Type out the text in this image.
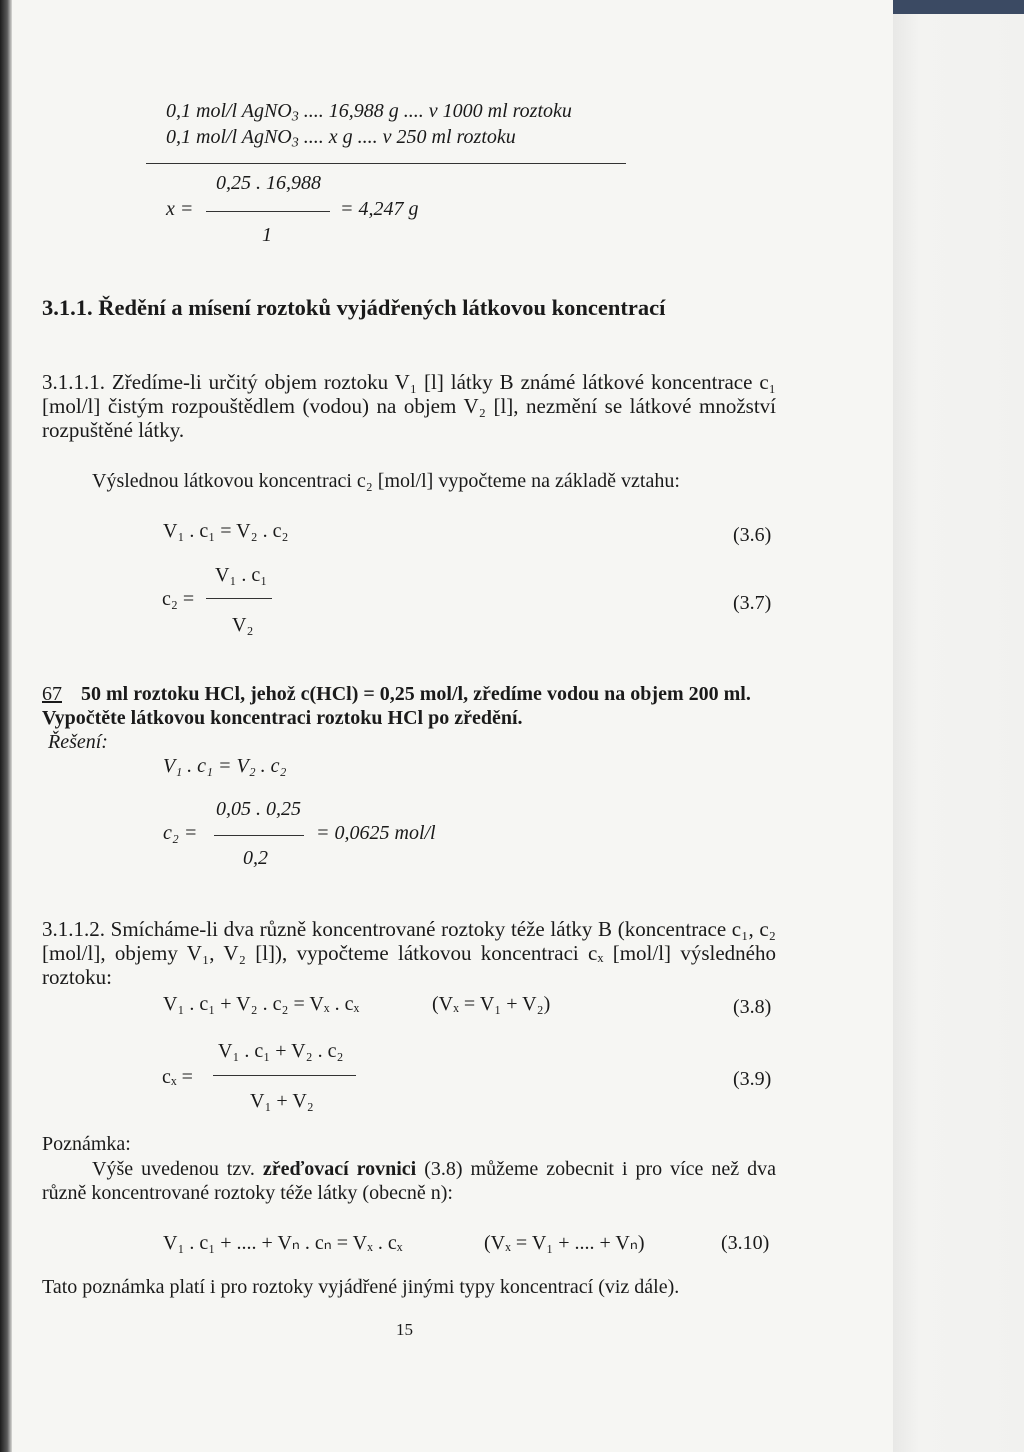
0,1 mol/l AgNO$_3$ .... 16,988 g .... v 1000 ml roztoku
0,1 mol/l AgNO$_3$ .... x g .... v 250 ml roztoku
0,25 . 16,988
x =	= 4,247 g
1
3.1.1. Ředění a mísení roztoků vyjádřených látkovou koncentrací
3.1.1.1. Zředíme-li určitý objem roztoku V₁ [l] látky B známé látkové koncentrace c₁ [mol/l] čistým rozpouštědlem (vodou) na objem V₂ [l], nezmění se látkové množství rozpuštěné látky.
Výslednou látkovou koncentraci c₂ [mol/l] vypočteme na základě vztahu:
V₁ . c₁ = V₂ . c₂	(3.6)
V₁ . c₁
c₂ =
V₂
(3.7)
67 50 ml roztoku HCl, jehož c(HCl) = 0,25 mol/l, zředíme vodou na objem 200 ml.
Vypočtěte látkovou koncentraci roztoku HCl po zředění.
Řešení:
V₁ . c₁ = V₂ . c₂
0,05 . 0,25
c₂ =	= 0,0625 mol/l
0,2
3.1.1.2. Smícháme-li dva různě koncentrované roztoky téže látky B (koncentrace c₁, c₂ [mol/l], objemy V₁, V₂ [l]), vypočteme látkovou koncentraci cₓ [mol/l] výsledného roztoku:
V₁ . c₁ + V₂ . c₂ = Vₓ . cₓ	(Vₓ = V₁ + V₂)	(3.8)
V₁ . c₁ + V₂ . c₂
cₓ =
V₁ + V₂
(3.9)
Poznámka:
Výše uvedenou tzv. zřeďovací rovnici (3.8) můžeme zobecnit i pro více než dva různě koncentrované roztoky téže látky (obecně n):
V₁ . c₁ + .... + Vₙ . cₙ = Vₓ . cₓ	(Vₓ = V₁ + .... + Vₙ)	(3.10)
Tato poznámka platí i pro roztoky vyjádřené jinými typy koncentrací (viz dále).
15
